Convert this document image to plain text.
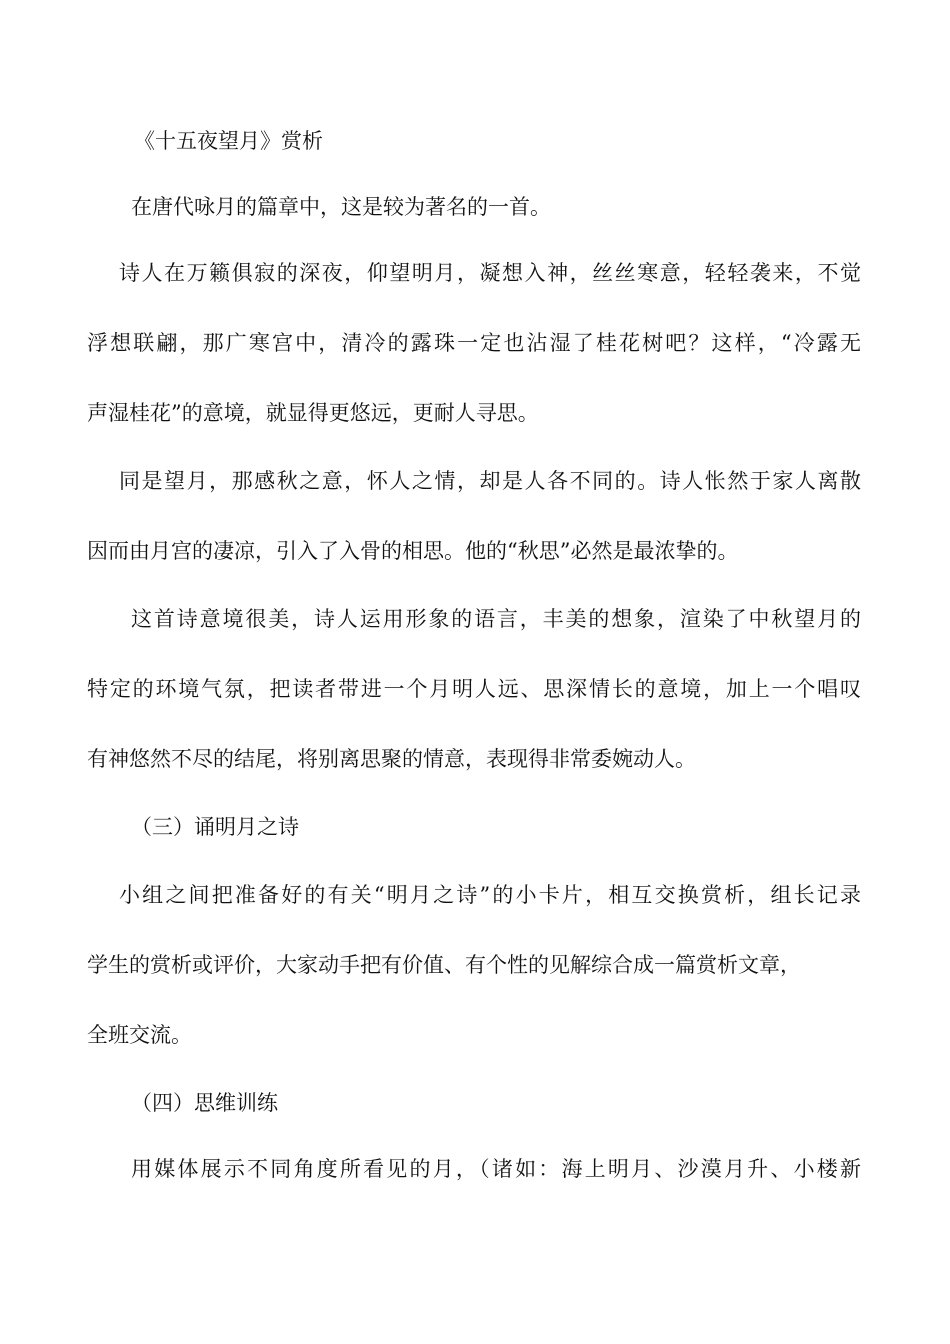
《十五夜望月》赏析

在唐代咏月的篇章中，这是较为著名的一首。

诗人在万籁俱寂的深夜，仰望明月，凝想入神，丝丝寒意，轻轻袭来，不觉

浮想联翩，那广寒宫中，清冷的露珠一定也沾湿了桂花树吧？这样，“冷露无

声湿桂花”的意境，就显得更悠远，更耐人寻思。

同是望月，那感秋之意，怀人之情，却是人各不同的。诗人怅然于家人离散

因而由月宫的凄凉，引入了入骨的相思。他的“秋思”必然是最浓挚的。

这首诗意境很美，诗人运用形象的语言，丰美的想象，渲染了中秋望月的

特定的环境气氛，把读者带进一个月明人远、思深情长的意境，加上一个唱叹

有神悠然不尽的结尾，将别离思聚的情意，表现得非常委婉动人。

（三）诵明月之诗

小组之间把准备好的有关“明月之诗”的小卡片，相互交换赏析，组长记录

学生的赏析或评价，大家动手把有价值、有个性的见解综合成一篇赏析文章，

全班交流。

（四）思维训练

用媒体展示不同角度所看见的月，（诸如：海上明月、沙漠月升、小楼新
